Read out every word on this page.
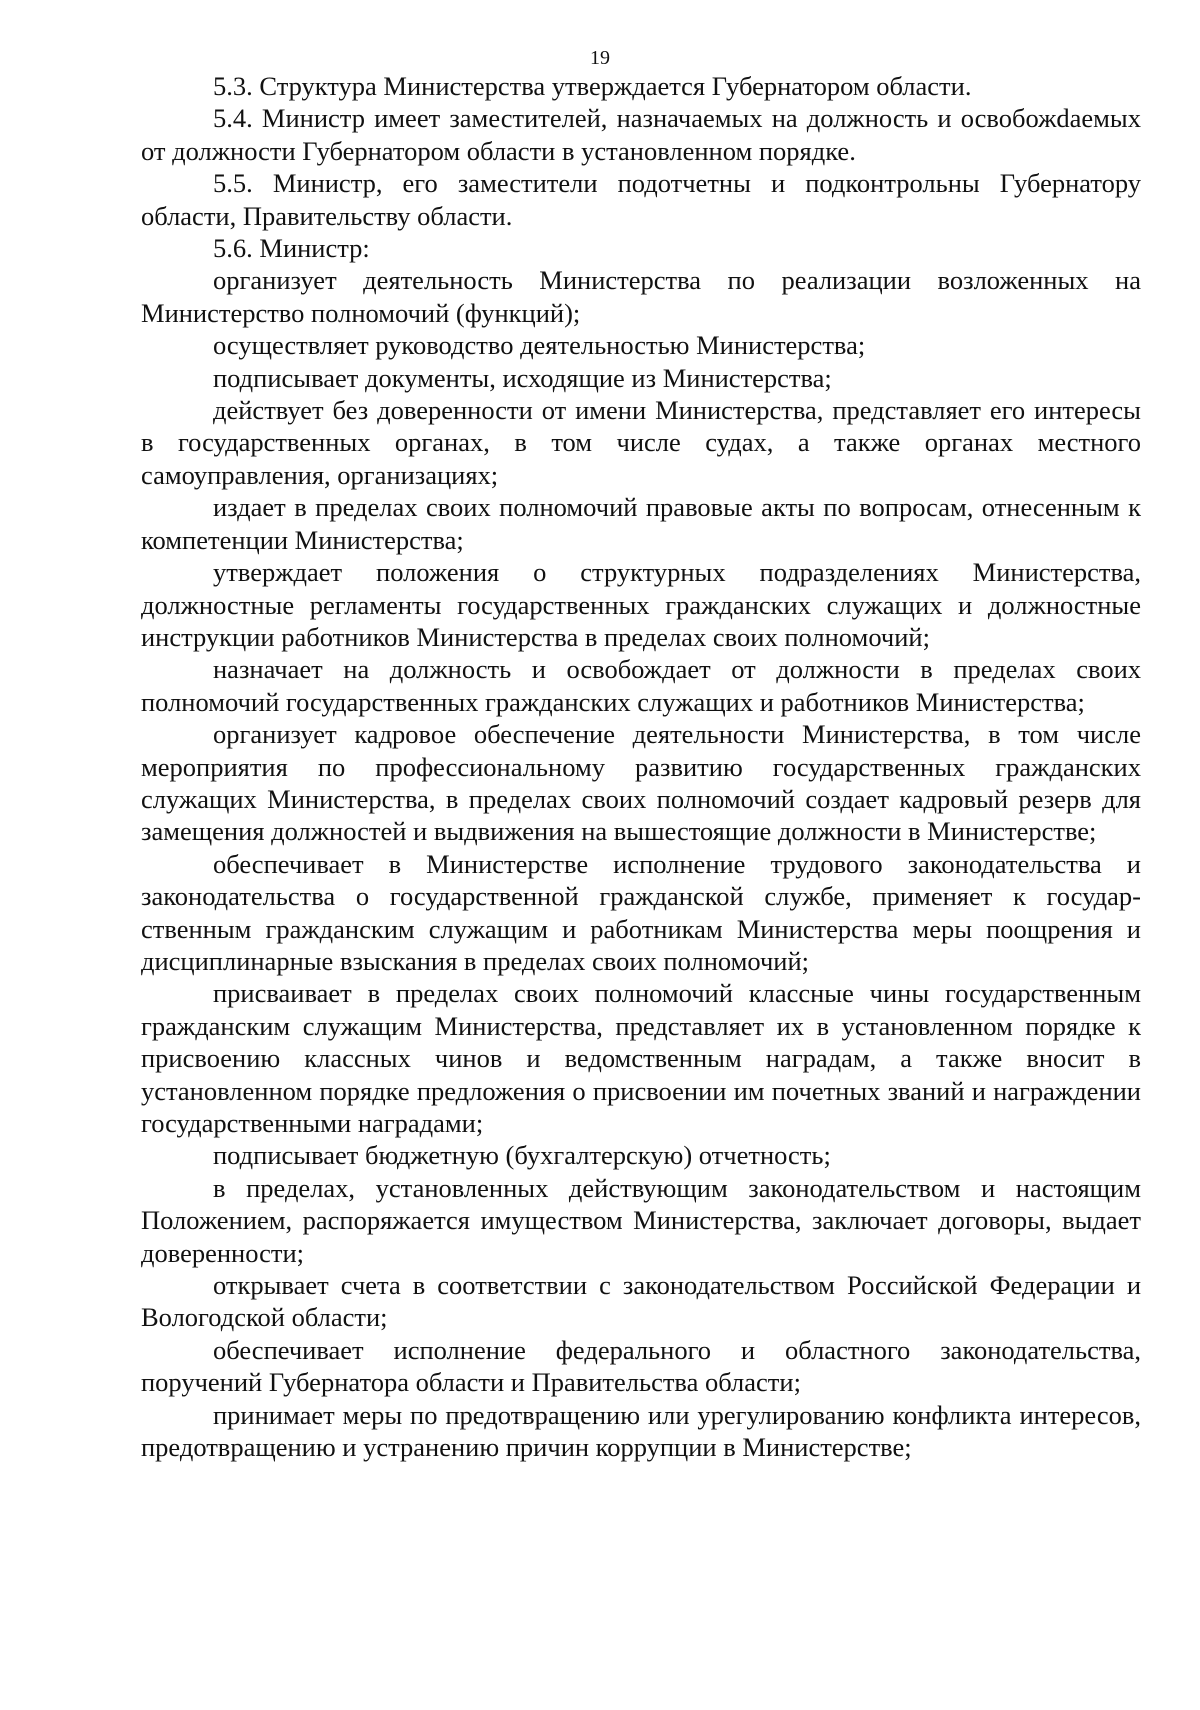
19

5.3. Структура Министерства утверждается Губернатором области.

5.4. Министр имеет заместителей, назначаемых на должность и освобожdаемых от должности Губернатором области в установленном порядке.

5.5. Министр, его заместители подотчетны и подконтрольны Губернатору области, Правительству области.

5.6. Министр:

организует деятельность Министерства по реализации возложенных на Министерство полномочий (функций);

осуществляет руководство деятельностью Министерства;

подписывает документы, исходящие из Министерства;

действует без доверенности от имени Министерства, представляет его интересы в государственных органах, в том числе судах, а также органах местного самоуправления, организациях;

издает в пределах своих полномочий правовые акты по вопросам, отнесенным к компетенции Министерства;

утверждает положения о структурных подразделениях Министерства, должностные регламенты государственных гражданских служащих и должностные инструкции работников Министерства в пределах своих полномочий;

назначает на должность и освобождает от должности в пределах своих полномочий государственных гражданских служащих и работников Министерства;

организует кадровое обеспечение деятельности Министерства, в том числе мероприятия по профессиональному развитию государственных гражданских служащих Министерства, в пределах своих полномочий создает кадровый резерв для замещения должностей и выдвижения на вышестоящие должности в Министерстве;

обеспечивает в Министерстве исполнение трудового законодательства и законодательства о государственной гражданской службе, применяет к государственным гражданским служащим и работникам Министерства меры поощрения и дисциплинарные взыскания в пределах своих полномочий;

присваивает в пределах своих полномочий классные чины государственным гражданским служащим Министерства, представляет их в установленном порядке к присвоению классных чинов и ведомственным наградам, а также вносит в установленном порядке предложения о присвоении им почетных званий и награждении государственными наградами;

подписывает бюджетную (бухгалтерскую) отчетность;

в пределах, установленных действующим законодательством и настоящим Положением, распоряжается имуществом Министерства, заключает договоры, выдает доверенности;

открывает счета в соответствии с законодательством Российской Федерации и Вологодской области;

обеспечивает исполнение федерального и областного законодательства, поручений Губернатора области и Правительства области;

принимает меры по предотвращению или урегулированию конфликта интересов, предотвращению и устранению причин коррупции в Министерстве;
